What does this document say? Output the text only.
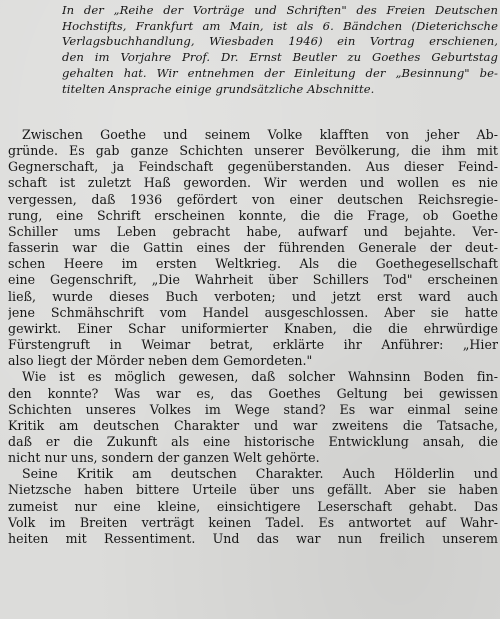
In der „Reihe der Vorträge und Schriften" des Freien Deutschen
Hochstifts, Frankfurt am Main, ist als 6. Bändchen (Dieterichsche
Verlagsbuchhandlung, Wiesbaden 1946) ein Vortrag erschienen,
den im Vorjahre Prof. Dr. Ernst Beutler zu Goethes Geburtstag
gehalten hat. Wir entnehmen der Einleitung der „Besinnung" be-
titelten Ansprache einige grundsätzliche Abschnitte.
Zwischen Goethe und seinem Volke klafften von jeher Ab-
gründe. Es gab ganze Schichten unserer Bevölkerung, die ihm mit
Gegnerschaft, ja Feindschaft gegenüberstanden. Aus dieser Feind-
schaft ist zuletzt Haß geworden. Wir werden und wollen es nie
vergessen, daß 1936 gefördert von einer deutschen Reichsregie-
rung, eine Schrift erscheinen konnte, die die Frage, ob Goethe
Schiller ums Leben gebracht habe, aufwarf und bejahte. Ver-
fasserin war die Gattin eines der führenden Generale der deut-
schen Heere im ersten Weltkrieg. Als die Goethegesellschaft
eine Gegenschrift, „Die Wahrheit über Schillers Tod" erscheinen
ließ, wurde dieses Buch verboten; und jetzt erst ward auch
jene Schmähschrift vom Handel ausgeschlossen. Aber sie hatte
gewirkt. Einer Schar uniformierter Knaben, die die ehrwürdige
Fürstengruft in Weimar betrat, erklärte ihr Anführer: „Hier
also liegt der Mörder neben dem Gemordeten."
Wie ist es möglich gewesen, daß solcher Wahnsinn Boden fin-
den konnte? Was war es, das Goethes Geltung bei gewissen
Schichten unseres Volkes im Wege stand? Es war einmal seine
Kritik am deutschen Charakter und war zweitens die Tatsache,
daß er die Zukunft als eine historische Entwicklung ansah, die
nicht nur uns, sondern der ganzen Welt gehörte.
Seine Kritik am deutschen Charakter. Auch Hölderlin und
Nietzsche haben bittere Urteile über uns gefällt. Aber sie haben
zumeist nur eine kleine, einsichtigere Leserschaft gehabt. Das
Volk im Breiten verträgt keinen Tadel. Es antwortet auf Wahr-
heiten mit Ressentiment. Und das war nun freilich unserem
